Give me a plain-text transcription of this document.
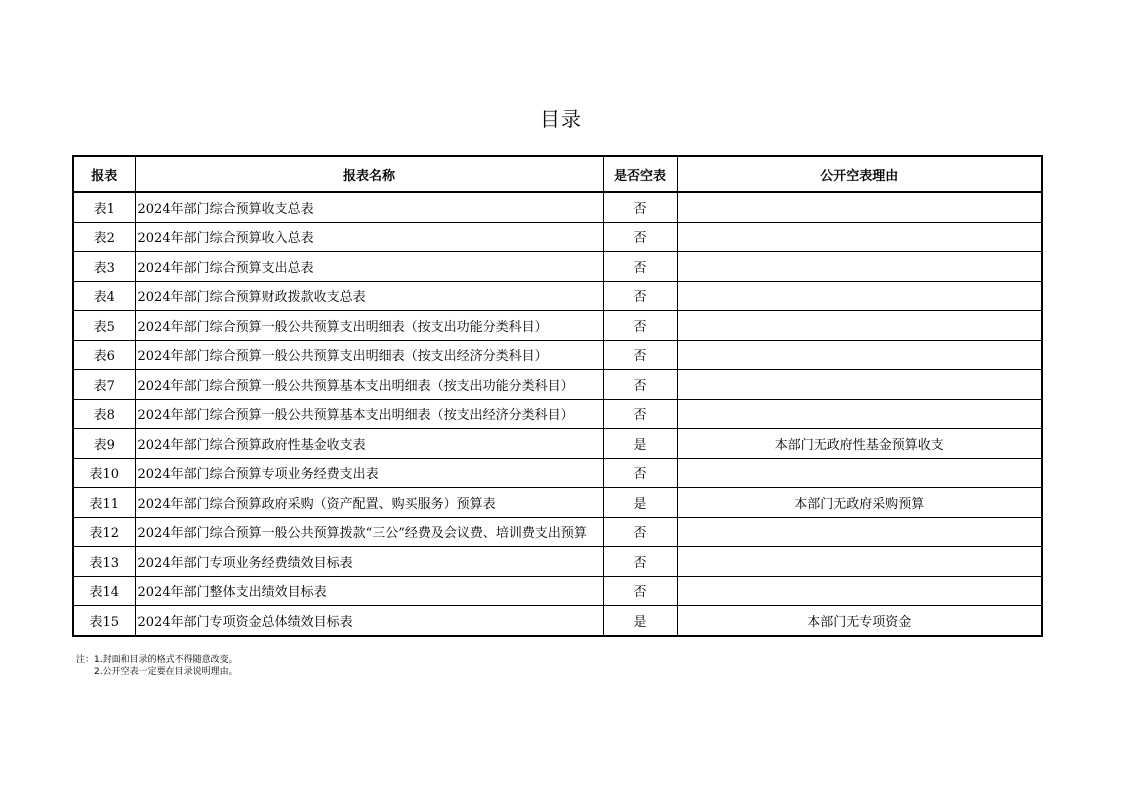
目录
报表	报表名称	是否空表	公开空表理由
表1	2024年部门综合预算收支总表	否	
表2	2024年部门综合预算收入总表	否	
表3	2024年部门综合预算支出总表	否	
表4	2024年部门综合预算财政拨款收支总表	否	
表5	2024年部门综合预算一般公共预算支出明细表（按支出功能分类科目）	否	
表6	2024年部门综合预算一般公共预算支出明细表（按支出经济分类科目）	否	
表7	2024年部门综合预算一般公共预算基本支出明细表（按支出功能分类科目）	否	
表8	2024年部门综合预算一般公共预算基本支出明细表（按支出经济分类科目）	否	
表9	2024年部门综合预算政府性基金收支表	是	本部门无政府性基金预算收支
表10	2024年部门综合预算专项业务经费支出表	否	
表11	2024年部门综合预算政府采购（资产配置、购买服务）预算表	是	本部门无政府采购预算
表12	2024年部门综合预算一般公共预算拨款“三公”经费及会议费、培训费支出预算	否	
表13	2024年部门专项业务经费绩效目标表	否	
表14	2024年部门整体支出绩效目标表	否	
表15	2024年部门专项资金总体绩效目标表	是	本部门无专项资金
注：1.封面和目录的格式不得随意改变。
2.公开空表一定要在目录说明理由。
